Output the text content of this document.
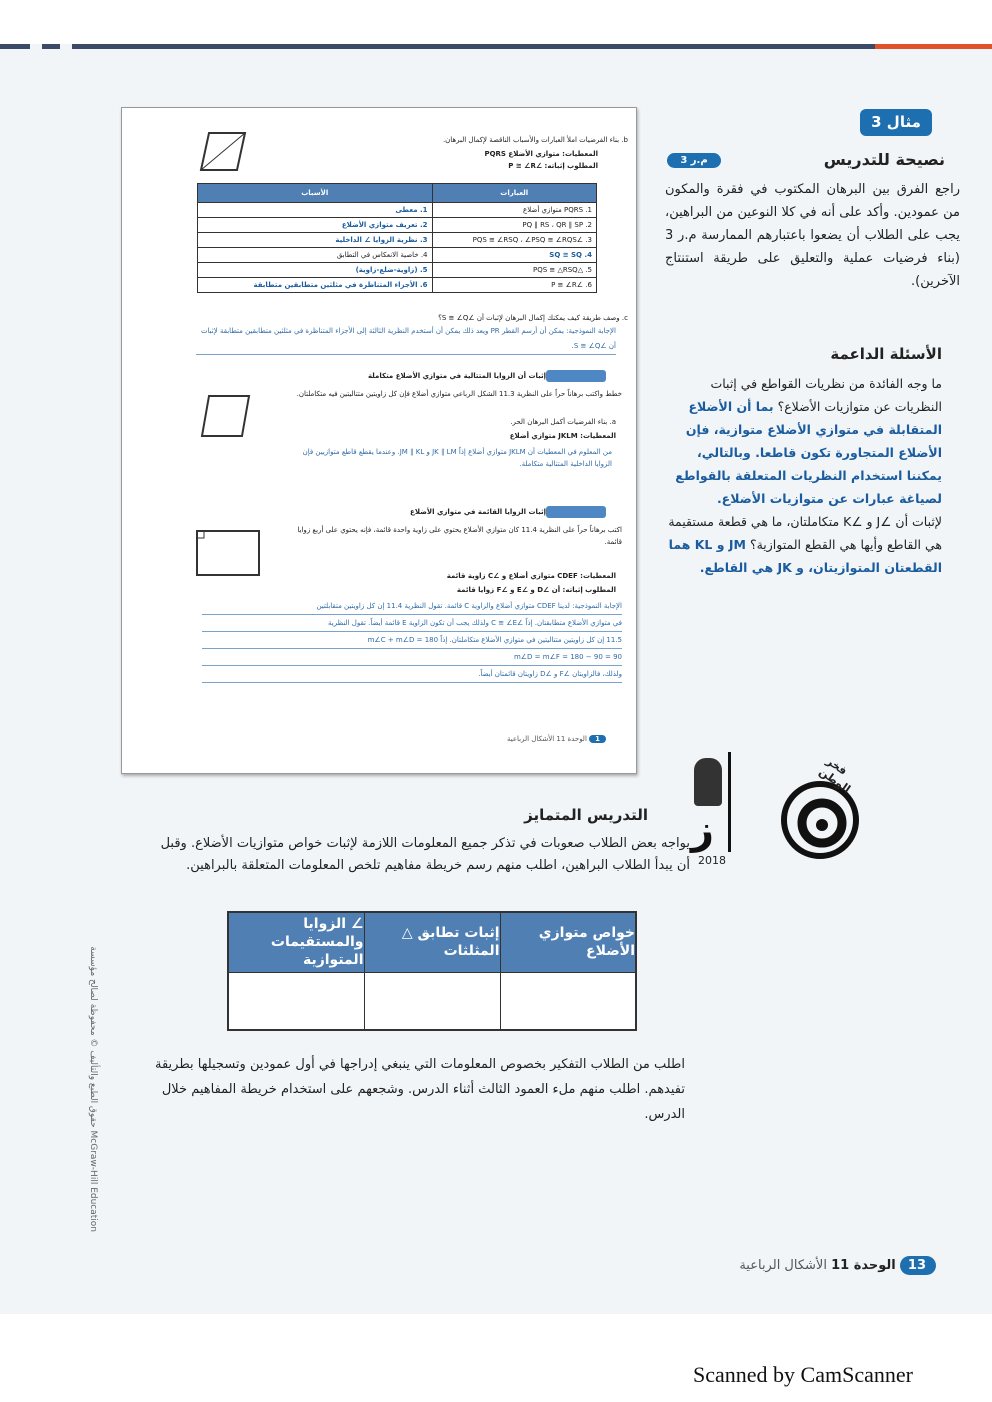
b. بناء الفرضيات املأ العبارات والأسباب الناقصة لإكمال البرهان.
المعطيات: متوازي الأضلاع PQRS
المطلوب إثباته: ∠P ≅ ∠R
الأسباب	العبارات
1. معطى	1. PQRS متوازي أضلاع
2. تعريف متوازي الأضلاع	2. PQ ∥ RS ، QR ∥ SP
3. نظرية الزوايا ∠ الداخلية	3. ∠PQS ≅ ∠RSQ ، ∠PSQ ≅ ∠RQS
4. خاصية الانعكاس في التطابق	4. SQ ≅ SQ
5. (زاوية-ضلع-زاوية)	5. △PQS ≅ △RSQ
6. الأجزاء المتناظرة في مثلثين متطابقين متطابقة	6. ∠P ≅ ∠R
c. وصف طريقة كيف يمكنك إكمال البرهان لإثبات أن ∠S ≅ ∠Q؟
الإجابة النموذجية: يمكن أن أرسم القطر PR ويعد ذلك يمكن أن أستخدم النظرية الثالثة إلى الأجزاء المتناظرة في مثلثين متطابقين متطابقة لإثبات أن ∠S ≅ ∠Q.
إثبات أن الزوايا المتتالية في متوازي الأضلاع متكاملة
خطط واكتب برهاناً حراً على النظرية 11.3 الشكل الرباعي متوازي أضلاع فإن كل زاويتين متتاليتين فيه متكاملتان.
a. بناء الفرضيات أكمل البرهان الحر.
المعطيات: JKLM متوازي أضلاع
من المعلوم في المعطيات أن JKLM متوازي أضلاع إذاً JK ∥ LM و JM ∥ KL. وعندما يقطع قاطع متوازيين فإن الزوايا الداخلية المتتالية متكاملة.
إثبات الزوايا القائمة في متوازي الأضلاع
اكتب برهاناً حراً على النظرية 11.4 كان متوازي الأضلاع يحتوي على زاوية واحدة قائمة، فإنه يحتوي على أربع زوايا قائمة.
المعطيات: CDEF متوازي أضلاع و ∠C زاوية قائمة
المطلوب إثباته: أن ∠D و ∠E و ∠F زوايا قائمة
الإجابة النموذجية: لدينا CDEF متوازي أضلاع والزاوية C قائمة. تقول النظرية 11.4 إن كل زاويتين متقابلتين
في متوازي الأضلاع متطابقتان. إذاً ∠C ≅ ∠E ولذلك يجب أن تكون الزاوية E قائمة أيضاً. تقول النظرية
11.5 إن كل زاويتين متتاليتين في متوازي الأضلاع متكاملتان. إذاً m∠C + m∠D = 180
m∠D = m∠F = 180 − 90 = 90
ولذلك، فالزاويتان ∠F و ∠D زاويتان قائمتان أيضاً.
1 الوحدة 11 الأشكال الرباعية
مثال 3
م.ر 3	نصيحة للتدريس
راجع الفرق بين البرهان المكتوب في فقرة والمكون من عمودين. وأكد على أنه في كلا النوعين من البراهين، يجب على الطلاب أن يضعوا باعتبارهم الممارسة م.ر 3 (بناء فرضيات عملية والتعليق على طريقة استنتاج الآخرين).
الأسئلة الداعمة
ما وجه الفائدة من نظريات القواطع في إثبات النظريات عن متوازيات الأضلاع؟ بما أن الأضلاع المتقابلة في متوازي الأضلاع متوازية، فإن الأضلاع المتجاورة تكون قاطعا. وبالتالي، يمكننا استخدام النظريات المتعلقة بالقواطع لصياغة عبارات عن متوازيات الأضلاع.
لإثبات أن ∠J و ∠K متكاملتان، ما هي قطعة مستقيمة هي القاطع وأيها هي القطع المتوازية؟ JM و KL هما القطعتان المتوازيتان، و JK هي القاطع.
ز
2018
فخر الوطن
التدريس المتمايز
يواجه بعض الطلاب صعوبات في تذكر جميع المعلومات اللازمة لإثبات خواص متوازيات الأضلاع. وقبل أن يبدأ الطلاب البراهين، اطلب منهم رسم خريطة مفاهيم تلخص المعلومات المتعلقة بالبراهين.
خواص متوازي الأضلاع	إثبات تطابق △ المثلثات	∠ الزوايا والمستقيمات المتوازية

اطلب من الطلاب التفكير بخصوص المعلومات التي ينبغي إدراجها في أول عمودين وتسجيلها بطريقة تفيدهم. اطلب منهم ملء العمود الثالث أثناء الدرس. وشجعهم على استخدام خريطة المفاهيم خلال الدرس.
McGraw-Hill Education حقوق الطبع والتأليف © محفوظة لصالح مؤسسة
13 الوحدة 11 الأشكال الرباعية
Scanned by CamScanner
